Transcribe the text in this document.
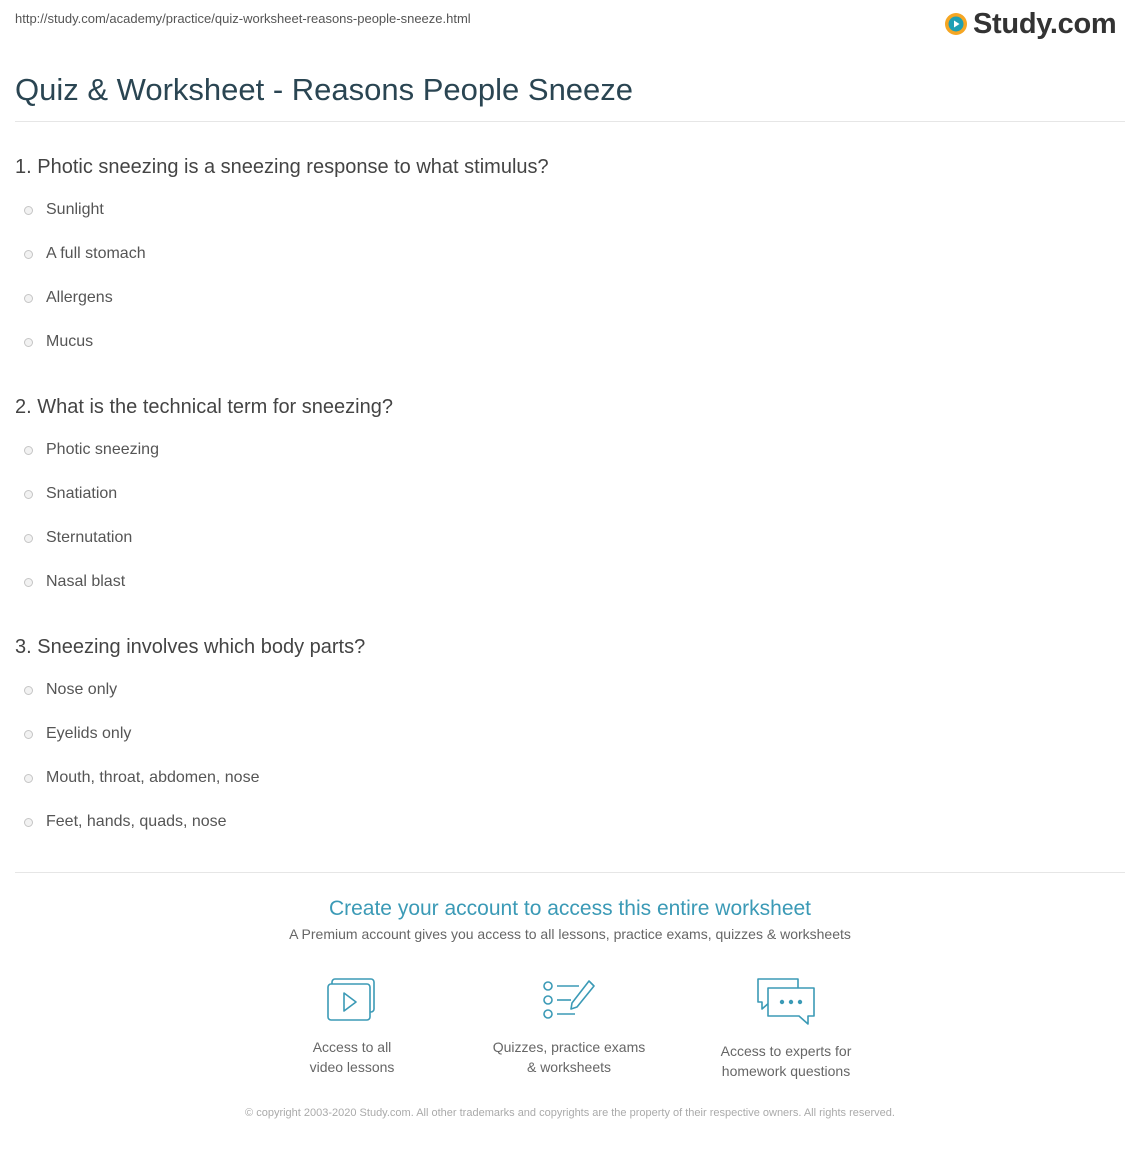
http://study.com/academy/practice/quiz-worksheet-reasons-people-sneeze.html	Study.com
Quiz & Worksheet - Reasons People Sneeze
1. Photic sneezing is a sneezing response to what stimulus?
Sunlight
A full stomach
Allergens
Mucus
2. What is the technical term for sneezing?
Photic sneezing
Snatiation
Sternutation
Nasal blast
3. Sneezing involves which body parts?
Nose only
Eyelids only
Mouth, throat, abdomen, nose
Feet, hands, quads, nose
Create your account to access this entire worksheet
A Premium account gives you access to all lessons, practice exams, quizzes & worksheets
Access to all
video lessons
Quizzes, practice exams
& worksheets
Access to experts for
homework questions
© copyright 2003-2020 Study.com. All other trademarks and copyrights are the property of their respective owners. All rights reserved.
